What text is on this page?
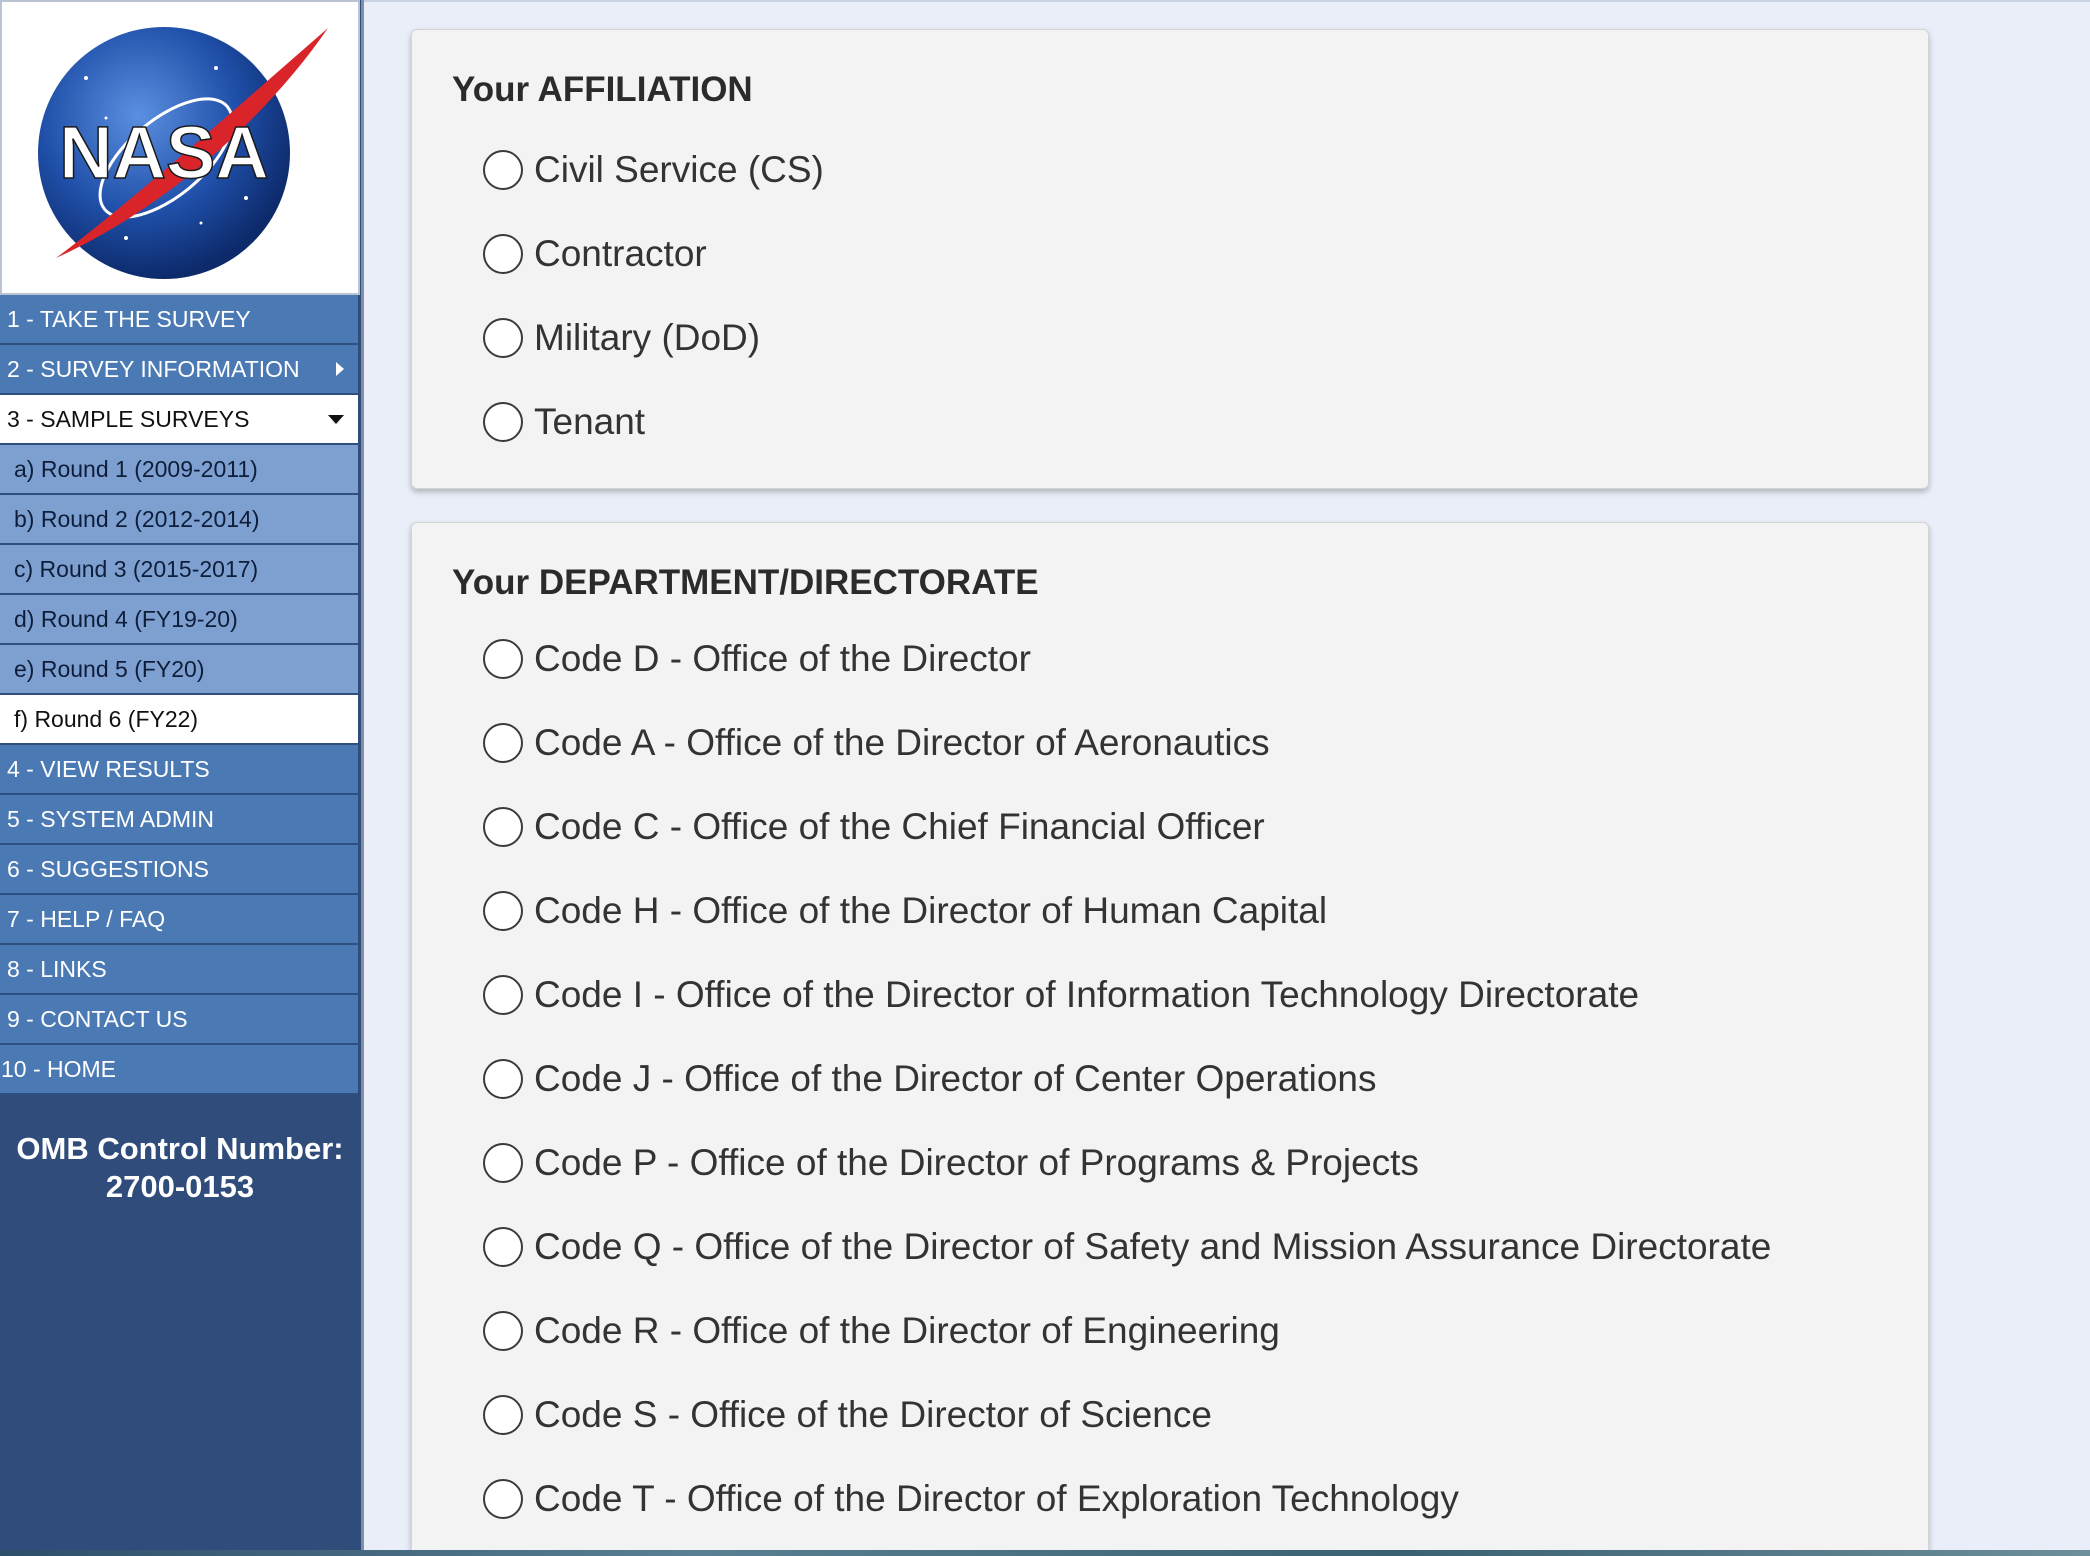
NASA
1 - TAKE THE SURVEY
2 - SURVEY INFORMATION
3 - SAMPLE SURVEYS
a) Round 1 (2009-2011)
b) Round 2 (2012-2014)
c) Round 3 (2015-2017)
d) Round 4 (FY19-20)
e) Round 5 (FY20)
f) Round 6 (FY22)
4 - VIEW RESULTS
5 - SYSTEM ADMIN
6 - SUGGESTIONS
7 - HELP / FAQ
8 - LINKS
9 - CONTACT US
10 - HOME
OMB Control Number:
2700-0153
Your AFFILIATION
Civil Service (CS)
Contractor
Military (DoD)
Tenant
Your DEPARTMENT/DIRECTORATE
Code D - Office of the Director
Code A - Office of the Director of Aeronautics
Code C - Office of the Chief Financial Officer
Code H - Office of the Director of Human Capital
Code I - Office of the Director of Information Technology Directorate
Code J - Office of the Director of Center Operations
Code P - Office of the Director of Programs & Projects
Code Q - Office of the Director of Safety and Mission Assurance Directorate
Code R - Office of the Director of Engineering
Code S - Office of the Director of Science
Code T - Office of the Director of Exploration Technology
